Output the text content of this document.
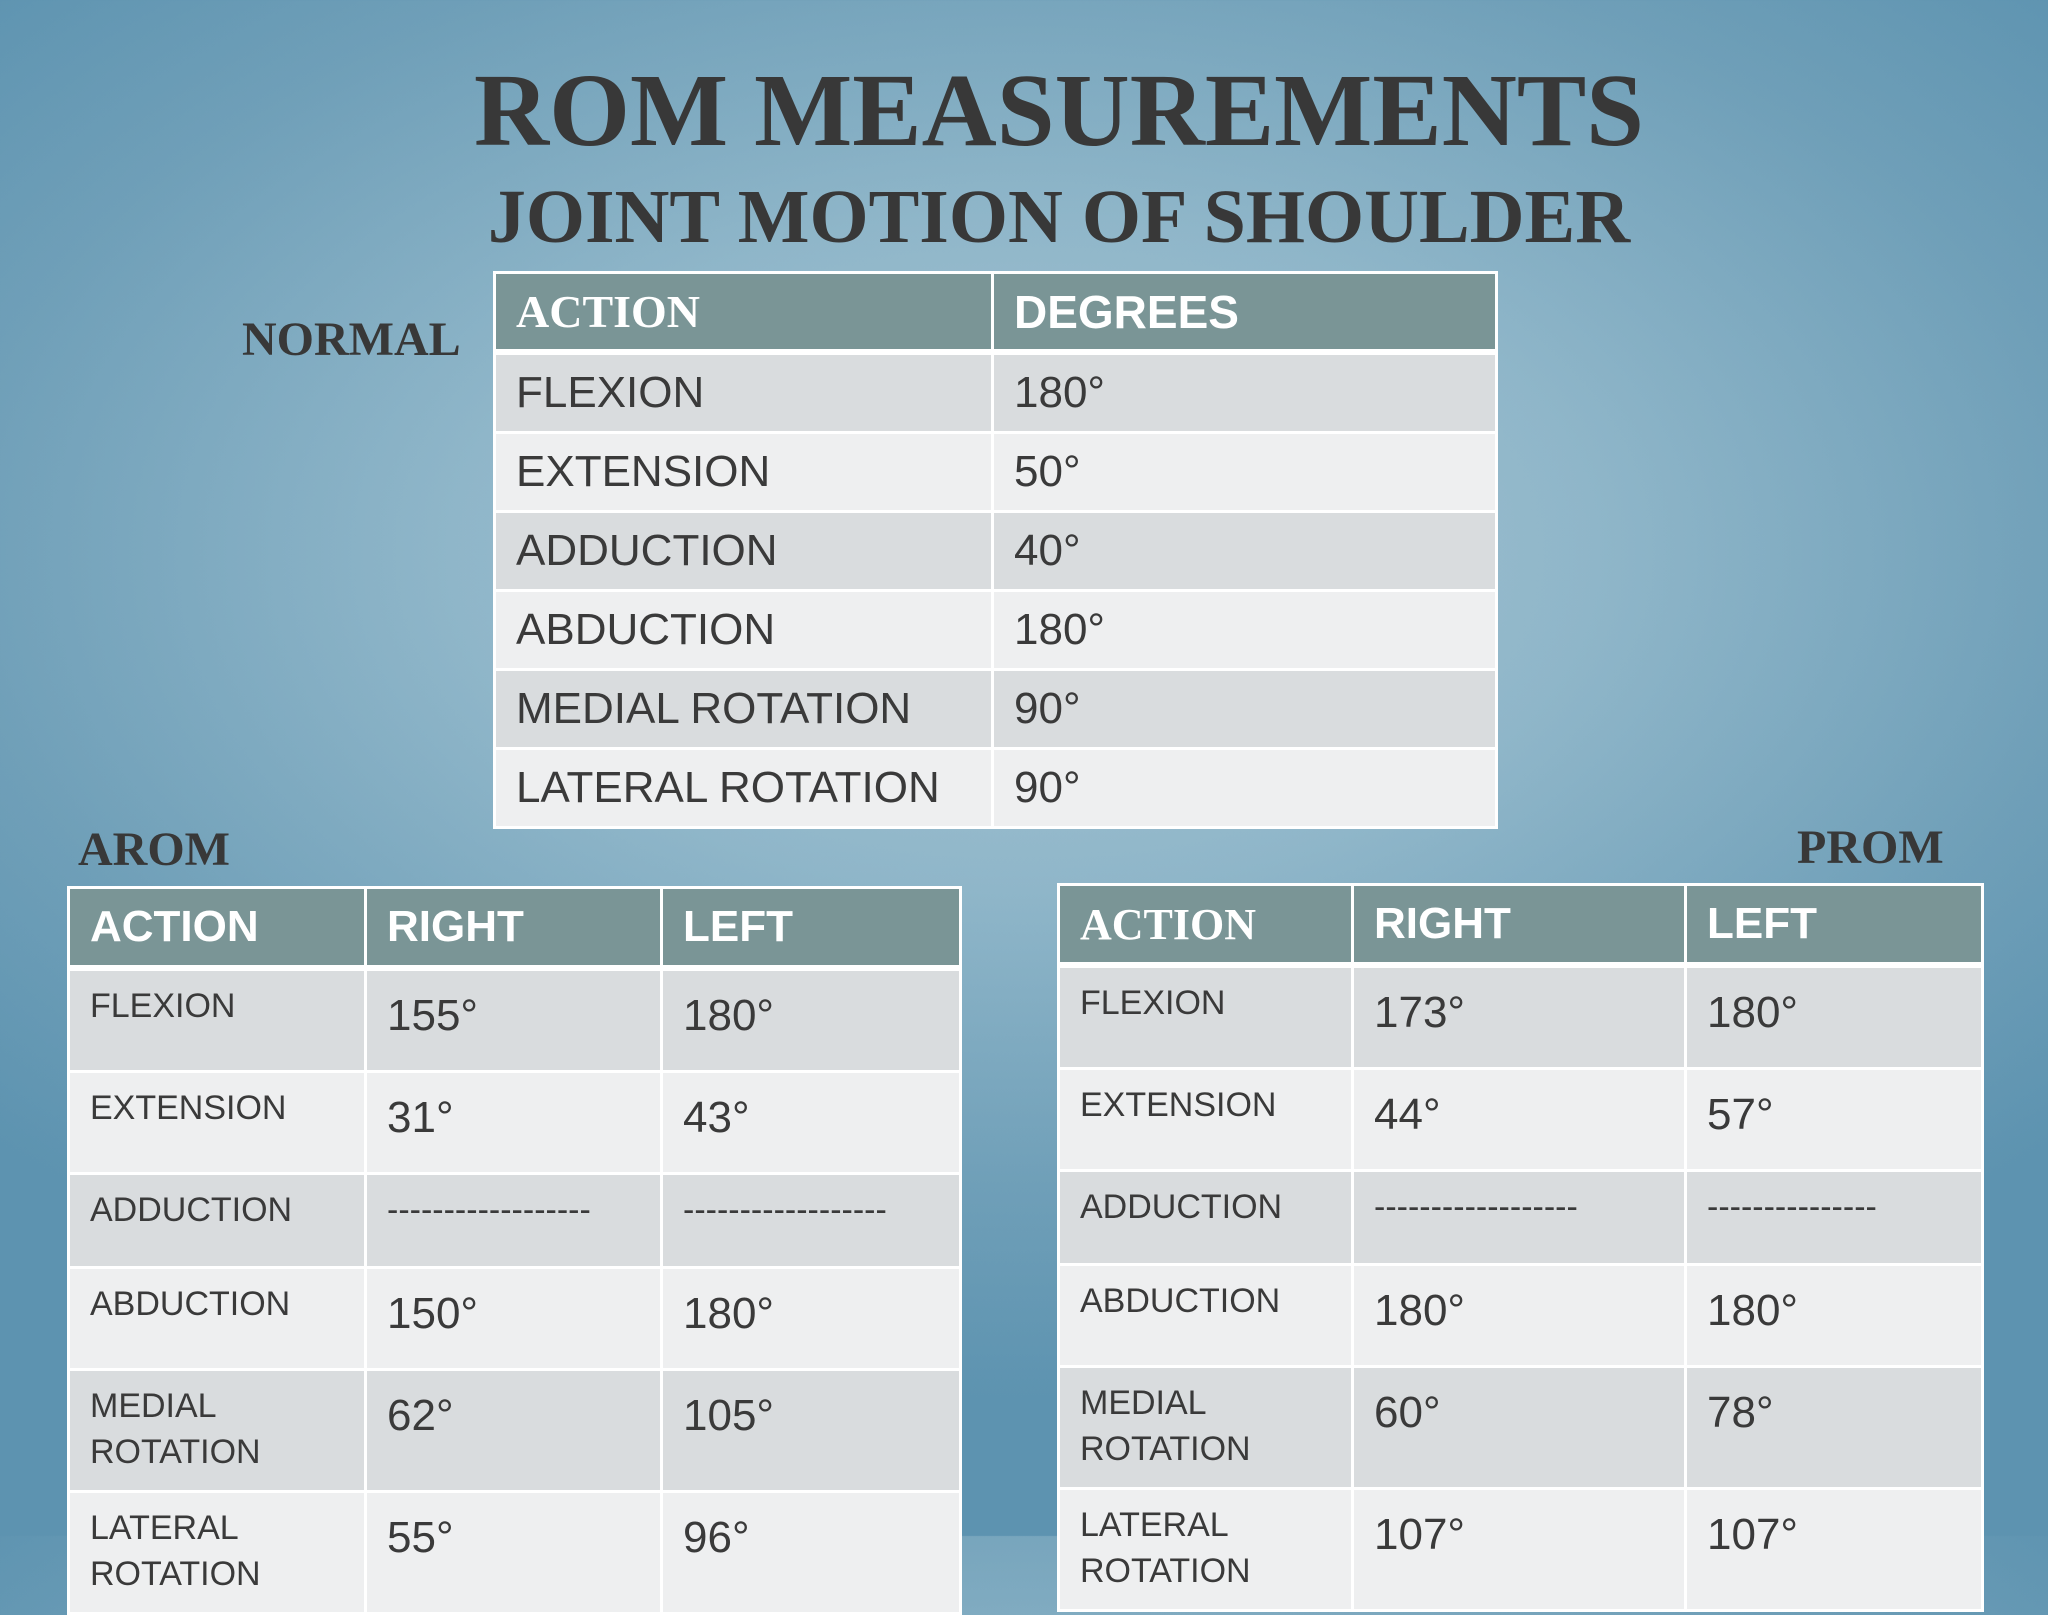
ROM MEASUREMENTS
JOINT MOTION OF SHOULDER
NORMAL
AROM	PROM
ACTION	DEGREES
FLEXION	180°
EXTENSION	50°
ADDUCTION	40°
ABDUCTION	180°
MEDIAL ROTATION	90°
LATERAL ROTATION	90°
ACTION	RIGHT	LEFT
FLEXION	155°	180°
EXTENSION	31°	43°
ADDUCTION	------------------	------------------
ABDUCTION	150°	180°
MEDIAL ROTATION	62°	105°
LATERAL ROTATION	55°	96°
ACTION	RIGHT	LEFT
FLEXION	173°	180°
EXTENSION	44°	57°
ADDUCTION	------------------	---------------
ABDUCTION	180°	180°
MEDIAL ROTATION	60°	78°
LATERAL ROTATION	107°	107°
